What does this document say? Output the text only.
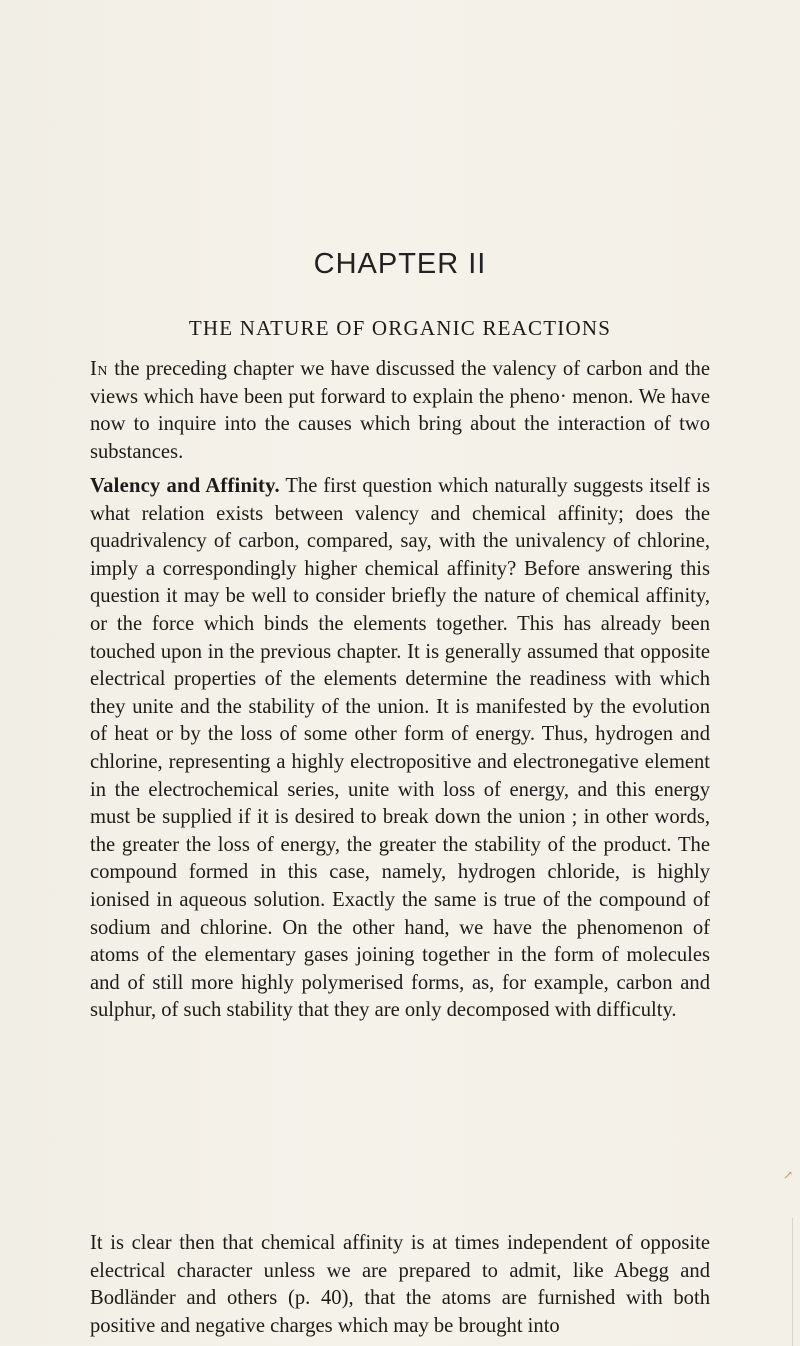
CHAPTER II
THE NATURE OF ORGANIC REACTIONS

In the preceding chapter we have discussed the valency of carbon and the views which have been put forward to explain the pheno· menon. We have now to inquire into the causes which bring about the interaction of two substances.

Valency and Affinity. The first question which naturally suggests itself is what relation exists between valency and chemical affinity; does the quadrivalency of carbon, compared, say, with the univalency of chlorine, imply a correspondingly higher chemical affinity? Before answering this question it may be well to consider briefly the nature of chemical affinity, or the force which binds the elements together. This has already been touched upon in the previous chapter. It is generally assumed that opposite electrical properties of the elements determine the readiness with which they unite and the stability of the union. It is manifested by the evolution of heat or by the loss of some other form of energy. Thus, hydrogen and chlorine, representing a highly electropositive and electronegative element in the electrochemical series, unite with loss of energy, and this energy must be supplied if it is desired to break down the union ; in other words, the greater the loss of energy, the greater the stability of the product. The compound formed in this case, namely, hydrogen chloride, is highly ionised in aqueous solution. Exactly the same is true of the compound of sodium and chlorine. On the other hand, we have the phenomenon of atoms of the elementary gases joining together in the form of molecules and of still more highly polymerised forms, as, for example, carbon and sulphur, of such stability that they are only decomposed with difficulty.

It is clear then that chemical affinity is at times independent of opposite electrical character unless we are prepared to admit, like Abegg and Bodländer and others (p. 40), that the atoms are furnished with both positive and negative charges which may be brought into

↗
